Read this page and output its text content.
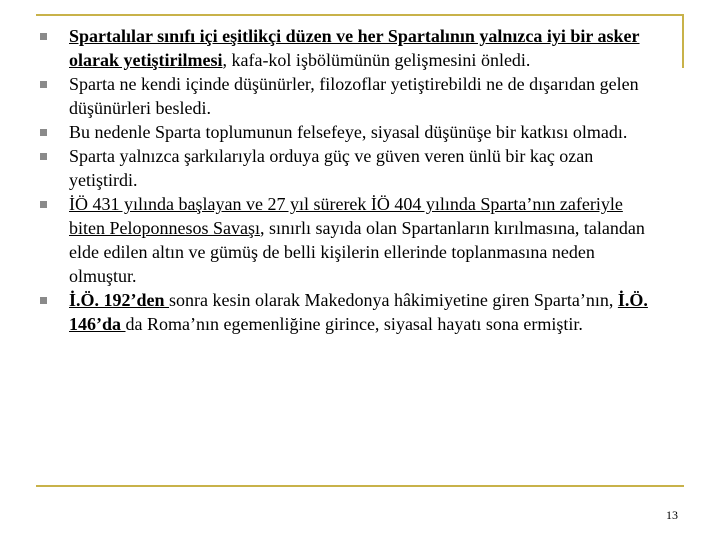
Spartalılar sınıfı içi eşitlikçi düzen ve her Spartalının yalnızca iyi bir asker olarak yetiştirilmesi, kafa-kol işbölümünün gelişmesini önledi.
Sparta ne kendi içinde düşünürler, filozoflar yetiştirebildi ne de dışarıdan gelen düşünürleri besledi.
Bu nedenle Sparta toplumunun felsefeye, siyasal düşünüşe bir katkısı olmadı.
Sparta yalnızca şarkılarıyla orduya güç ve güven veren ünlü bir kaç ozan yetiştirdi.
İÖ 431 yılında başlayan ve 27 yıl sürerek İÖ 404 yılında Sparta’nın zaferiyle biten Peloponnesos Savaşı, sınırlı sayıda olan Spartanların kırılmasına, talandan elde edilen altın ve gümüş de belli kişilerin ellerinde toplanmasına neden olmuştur.
İ.Ö. 192’den sonra kesin olarak Makedonya hâkimiyetine giren Sparta’nın, İ.Ö. 146’da da Roma’nın egemenliğine girince, siyasal hayatı sona ermiştir.
13
